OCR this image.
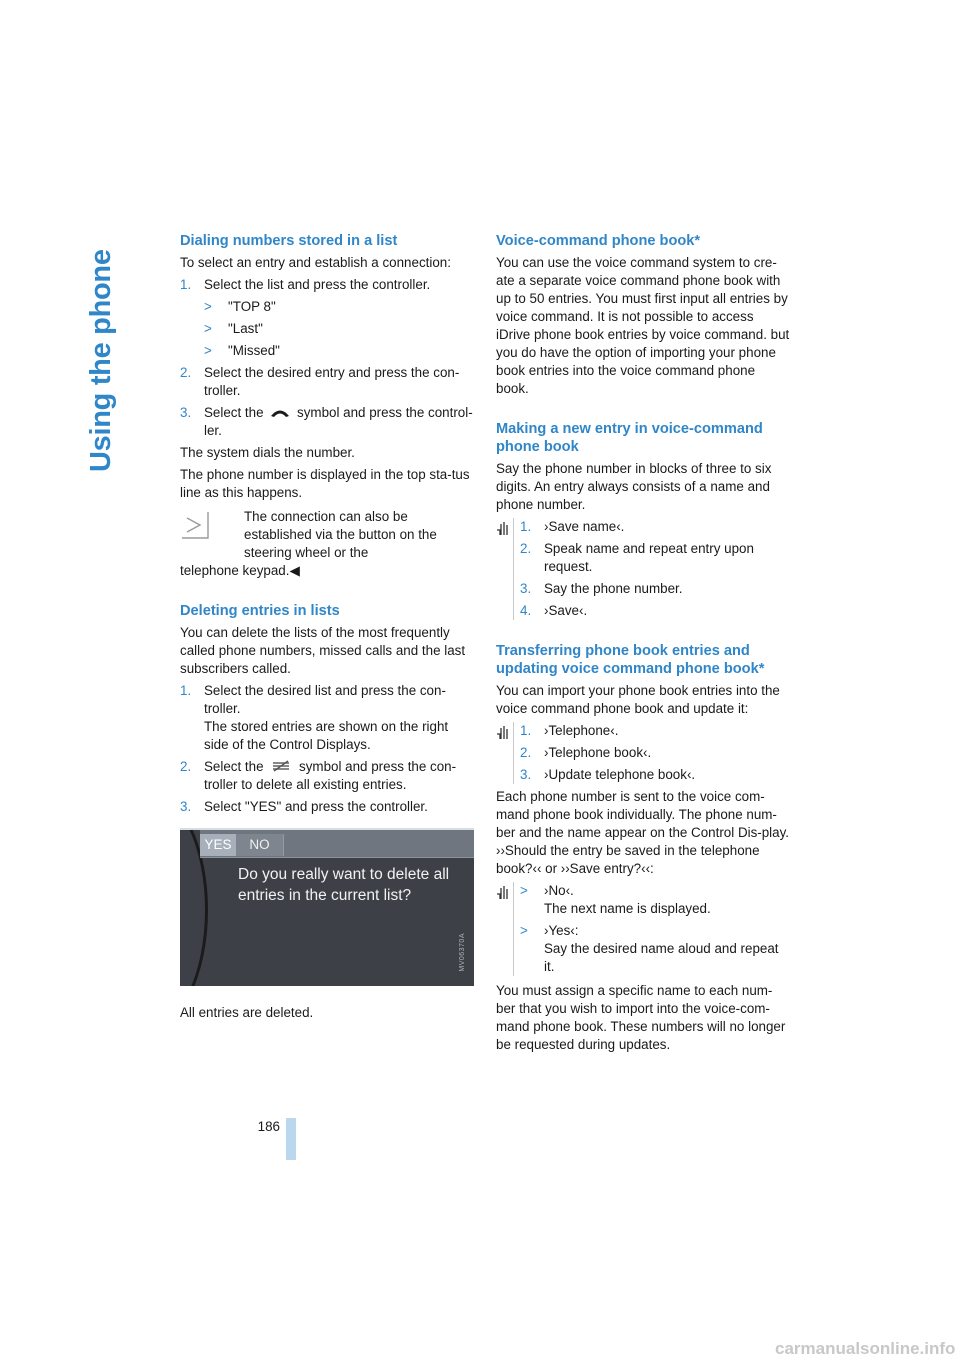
Using the phone
Dialing numbers stored in a list

To select an entry and establish a connection:

1. Select the list and press the controller.
> "TOP 8"
> "Last"
> "Missed"
2. Select the desired entry and press the con-troller.
3. Select the symbol and press the control-ler.

The system dials the number.

The phone number is displayed in the top sta-tus line as this happens.

The connection can also be established via the button on the steering wheel or the
telephone keypad.◀
Deleting entries in lists

You can delete the lists of the most frequently called phone numbers, missed calls and the last subscribers called.

1. Select the desired list and press the con-troller.
The stored entries are shown on the right side of the Control Displays.
2. Select the	symbol and press the con-troller to delete all existing entries.
3. Select "YES" and press the controller.
YES	NO
Do you really want to delete all entries in the current list?
MV06370A

All entries are deleted.

Voice-command phone book*

You can use the voice command system to cre-ate a separate voice command phone book with up to 50 entries. You must first input all entries by voice command. It is not possible to access iDrive phone book entries by voice command. but you do have the option of importing your phone book entries into the voice command phone book.

Making a new entry in voice-command phone book

Say the phone number in blocks of three to six digits. An entry always consists of a name and phone number.

1. ›Save name‹.
2. Speak name and repeat entry upon request.
3. Say the phone number.
4. ›Save‹.
Transferring phone book entries and updating voice command phone book*

You can import your phone book entries into the voice command phone book and update it:

1. ›Telephone‹.
2. ›Telephone book‹.
3. ›Update telephone book‹.

Each phone number is sent to the voice com-mand phone book individually. The phone num-ber and the name appear on the Control Dis-play. ››Should the entry be saved in the telephone book?‹‹ or ››Save entry?‹‹:

> ›No‹.
The next name is displayed.
> ›Yes‹:
Say the desired name aloud and repeat it.

You must assign a specific name to each num-ber that you wish to import into the voice-com-mand phone book. These numbers will no longer be requested during updates.

186
carmanualsonline.info
